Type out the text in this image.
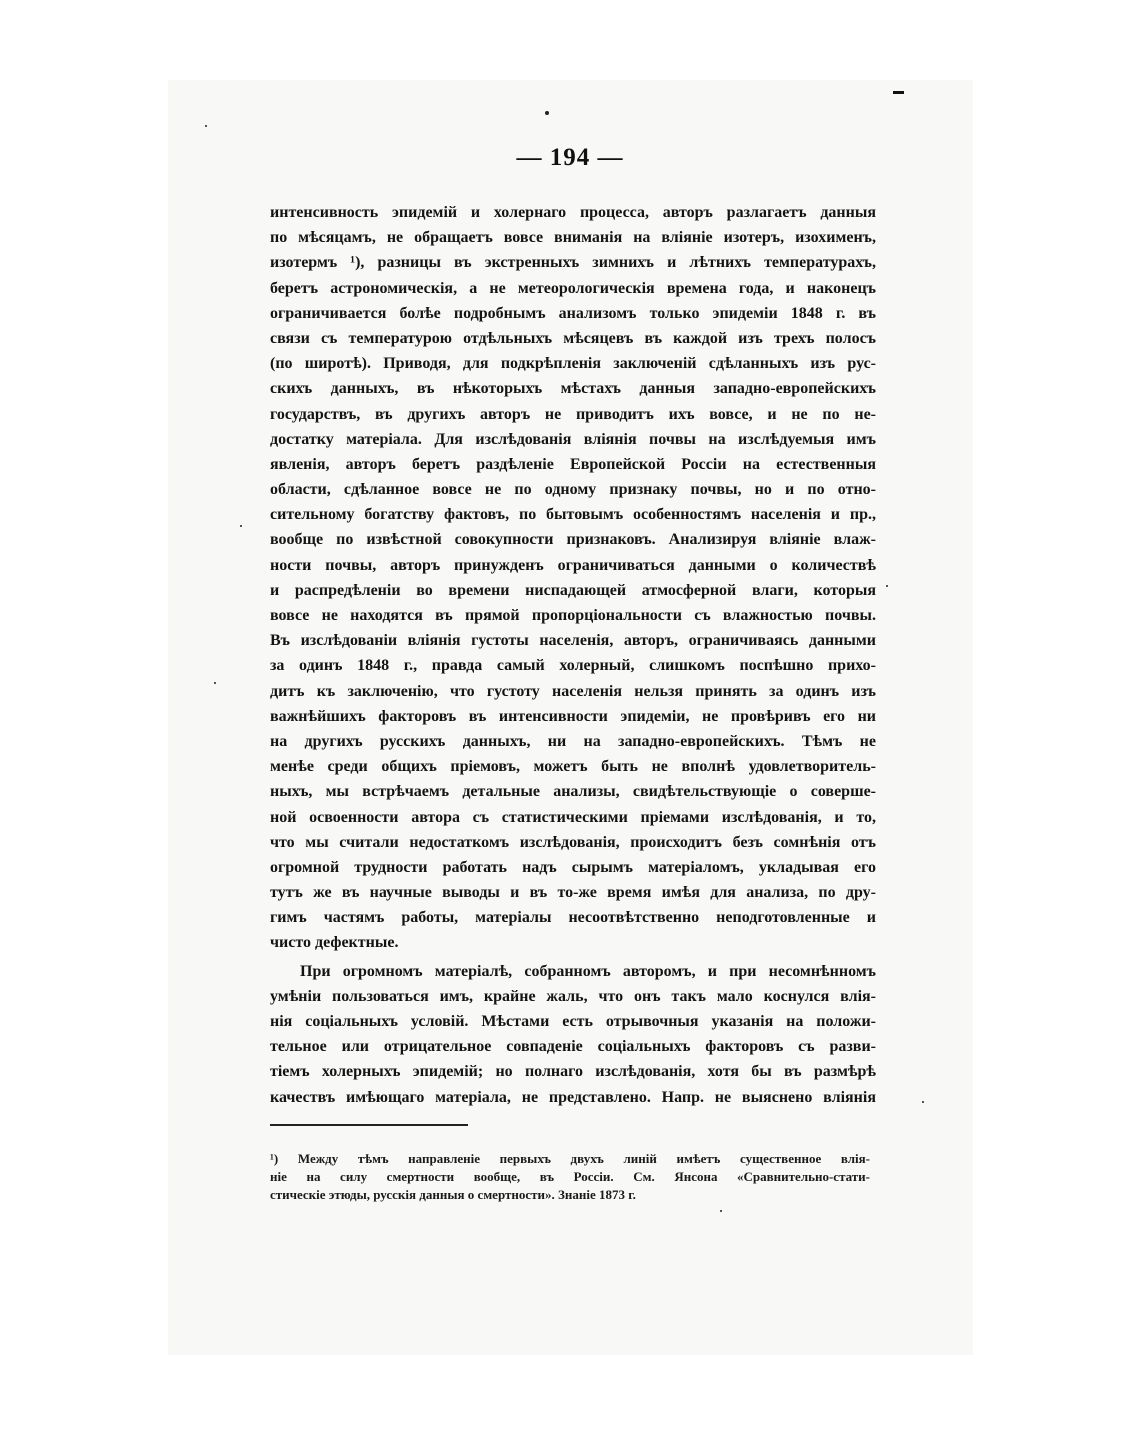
— 194 —
интенсивность эпидемій и холернаго процесса, авторъ разлагаетъ данныя
по мѣсяцамъ, не обращаетъ вовсе вниманія на вліяніе изотеръ, изохименъ,
изотермъ ¹), разницы въ экстренныхъ зимнихъ и лѣтнихъ температурахъ,
беретъ астрономическія, а не метеорологическія времена года, и наконецъ
ограничивается болѣе подробнымъ анализомъ только эпидеміи 1848 г. въ
связи съ температурою отдѣльныхъ мѣсяцевъ въ каждой изъ трехъ полосъ
(по широтѣ). Приводя, для подкрѣпленія заключеній сдѣланныхъ изъ рус-
скихъ данныхъ, въ нѣкоторыхъ мѣстахъ данныя западно-европейскихъ
государствъ, въ другихъ авторъ не приводитъ ихъ вовсе, и не по не-
достатку матеріала. Для изслѣдованія вліянія почвы на изслѣдуемыя имъ
явленія, авторъ беретъ раздѣленіе Европейской Россіи на естественныя
области, сдѣланное вовсе не по одному признаку почвы, но и по отно-
сительному богатству фактовъ, по бытовымъ особенностямъ населенія и пр.,
вообще по извѣстной совокупности признаковъ. Анализируя вліяніе влаж-
ности почвы, авторъ принужденъ ограничиваться данными о количествѣ
и распредѣленіи во времени ниспадающей атмосферной влаги, которыя
вовсе не находятся въ прямой пропорціональности съ влажностью почвы.
Въ изслѣдованіи вліянія густоты населенія, авторъ, ограничиваясь данными
за одинъ 1848 г., правда самый холерный, слишкомъ поспѣшно прихо-
дитъ къ заключенію, что густоту населенія нельзя принять за одинъ изъ
важнѣйшихъ факторовъ въ интенсивности эпидеміи, не провѣривъ его ни
на другихъ русскихъ данныхъ, ни на западно-европейскихъ. Тѣмъ не
менѣе среди общихъ пріемовъ, можетъ быть не вполнѣ удовлетворитель-
ныхъ, мы встрѣчаемъ детальные анализы, свидѣтельствующіе о соверше-
ной освоенности автора съ статистическими пріемами изслѣдованія, и то,
что мы считали недостаткомъ изслѣдованія, происходитъ безъ сомнѣнія отъ
огромной трудности работать надъ сырымъ матеріаломъ, укладывая его
тутъ же въ научные выводы и въ то-же время имѣя для анализа, по дру-
гимъ частямъ работы, матеріалы несоотвѣтственно неподготовленные и
чисто дефектные.
При огромномъ матеріалѣ, собранномъ авторомъ, и при несомнѣнномъ
умѣніи пользоваться имъ, крайне жаль, что онъ такъ мало коснулся влія-
нія соціальныхъ условій. Мѣстами есть отрывочныя указанія на положи-
тельное или отрицательное совпаденіе соціальныхъ факторовъ съ разви-
тіемъ холерныхъ эпидемій; но полнаго изслѣдованія, хотя бы въ размѣрѣ
качествъ имѣющаго матеріала, не представлено. Напр. не выяснено вліянія
¹) Между тѣмъ направленіе первыхъ двухъ линій имѣетъ существенное влія-
ніе на силу смертности вообще, въ Россіи. См. Янсона «Сравнительно-стати-
стическіе этюды, русскія данныя о смертности». Знаніе 1873 г.
